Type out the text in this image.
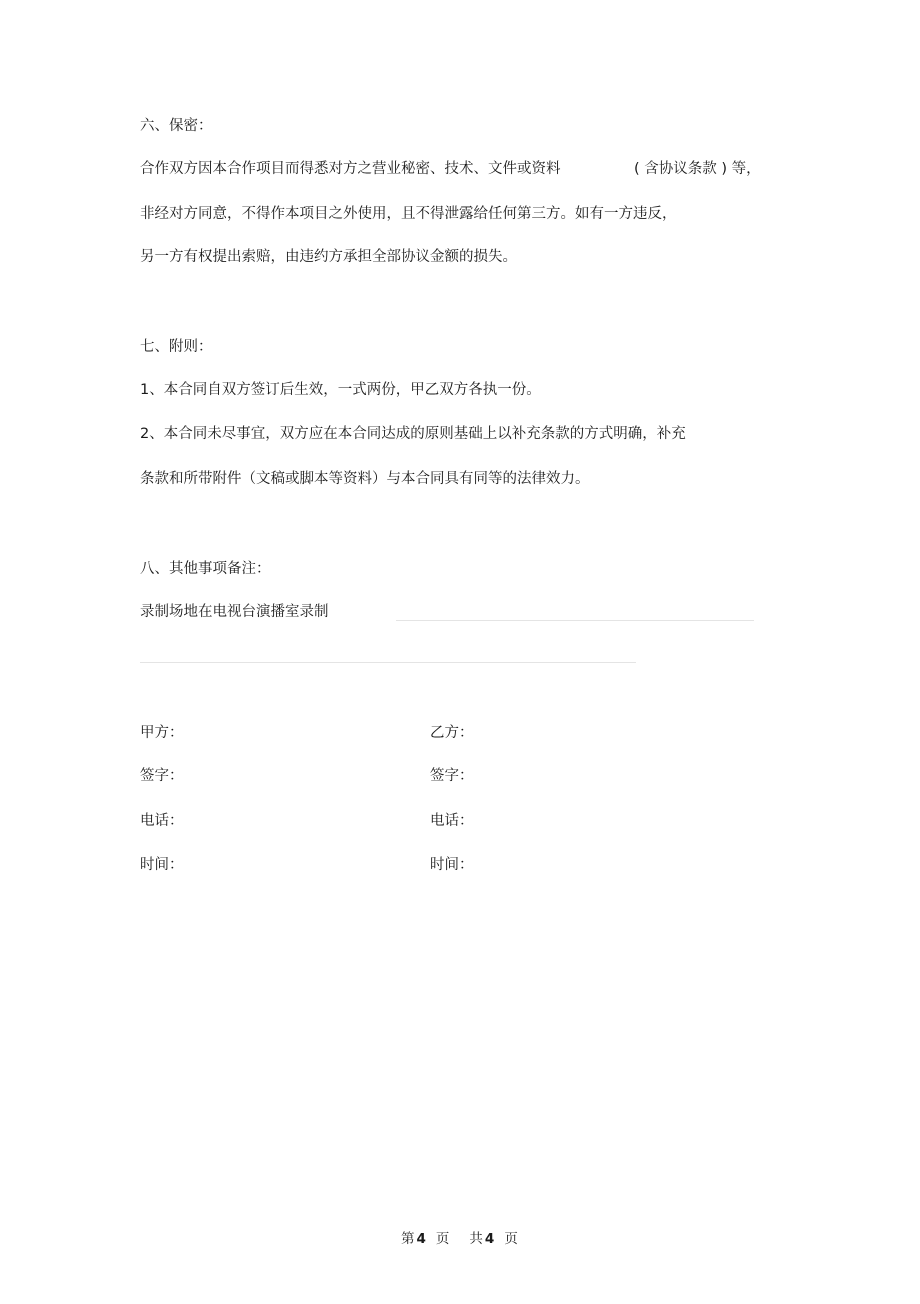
六、保密：
合作双方因本合作项目而得悉对方之营业秘密、技术、文件或资料	( 含协议条款 ) 等，
非经对方同意，不得作本项目之外使用，且不得泄露给任何第三方。如有一方违反，
另一方有权提出索赔，由违约方承担全部协议金额的损失。
七、附则：
1、本合同自双方签订后生效，一式两份，甲乙双方各执一份。
2、本合同未尽事宜，双方应在本合同达成的原则基础上以补充条款的方式明确，补充
条款和所带附件（文稿或脚本等资料）与本合同具有同等的法律效力。
八、其他事项备注：
录制场地在电视台演播室录制
甲方：
签字：
电话：
时间：
乙方：
签字：
电话：
时间：
第 4 页 共 4 页
